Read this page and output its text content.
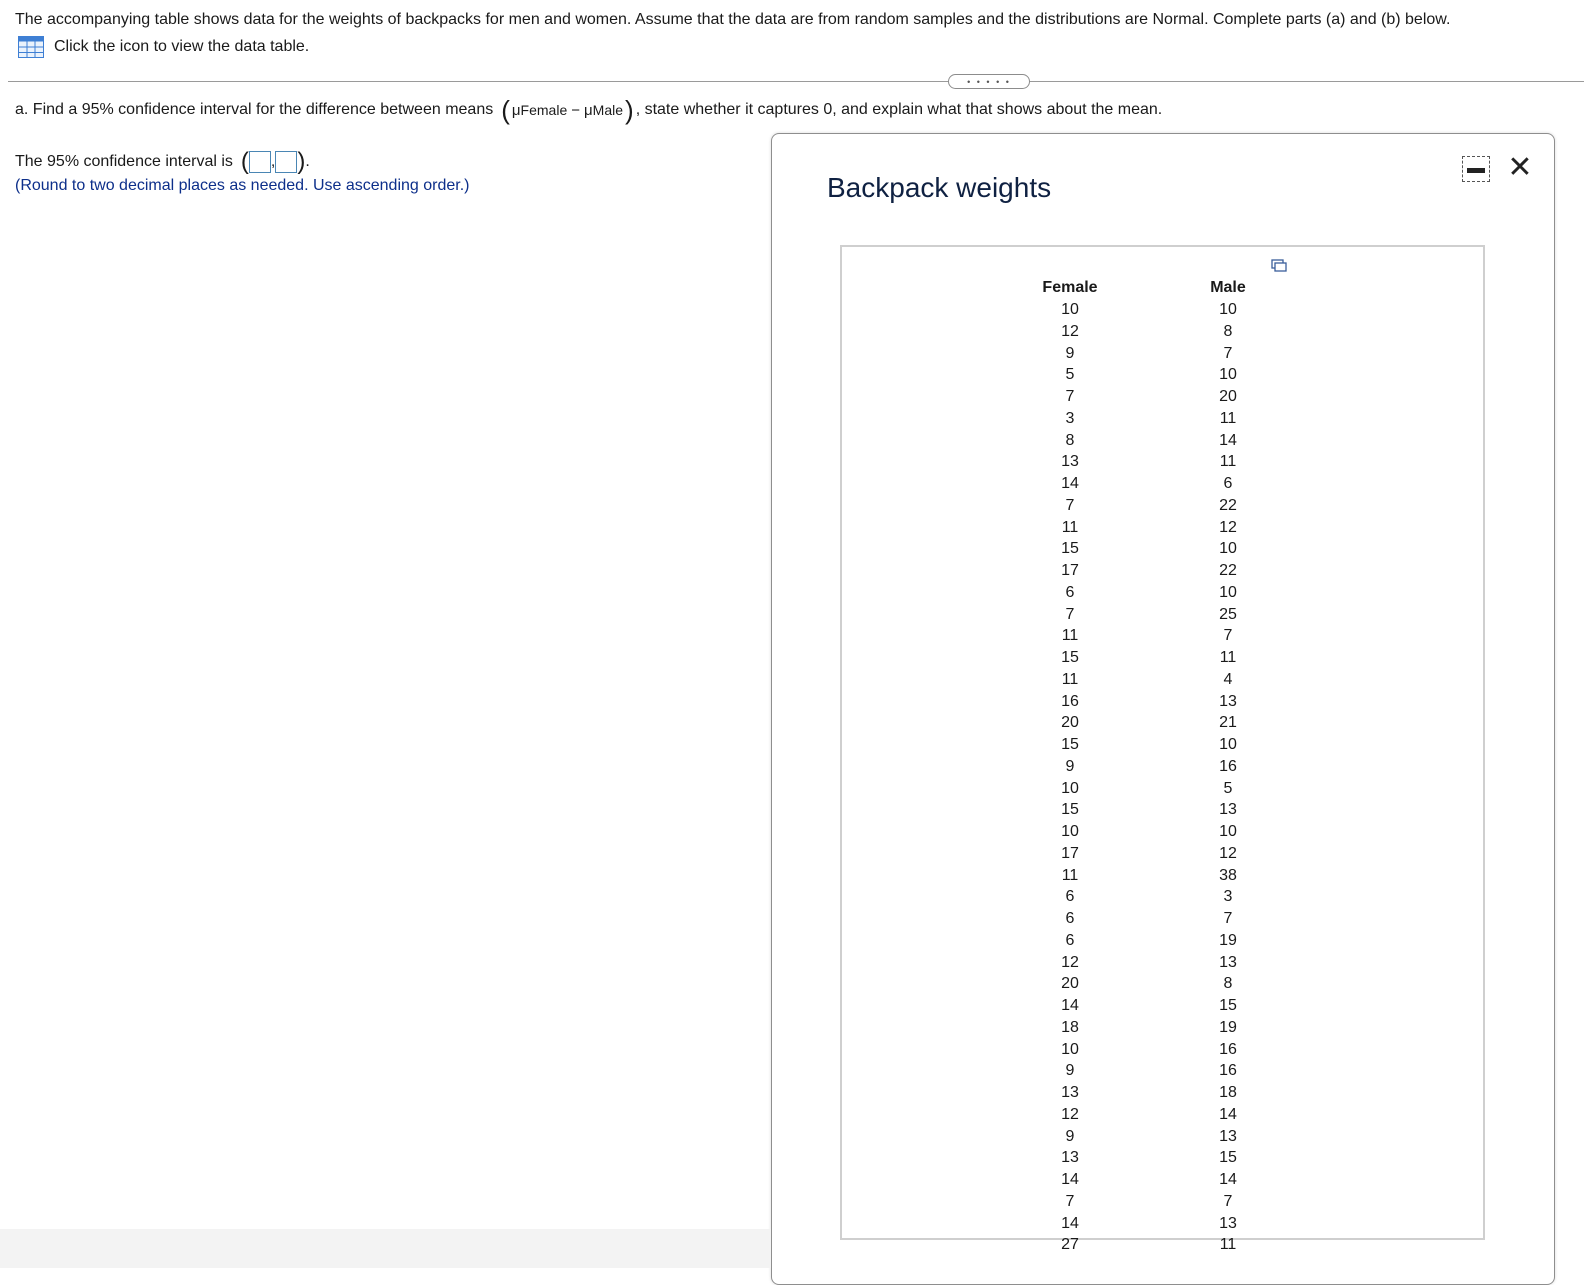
The accompanying table shows data for the weights of backpacks for men and women. Assume that the data are from random samples and the distributions are Normal. Complete parts (a) and (b) below.
Click the icon to view the data table.
• • • • •
a. Find a 95% confidence interval for the difference between means ( μ Female − μ Male ) , state whether it captures 0, and explain what that shows about the mean.
The 95% confidence interval is ( , ) .
(Round to two decimal places as needed. Use ascending order.)	Backpack weights
✕
Female
10
12
9
5
7
3
8
13
14
7
11
15
17
6
7
11
15
11
16
20
15
9
10
15
10
17
11
6
6
6
12
20
14
18
10
9
13
12
9
13
14
7
14
27
Male
10
8
7
10
20
11
14
11
6
22
12
10
22
10
25
7
11
4
13
21
10
16
5
13
10
12
38
3
7
19
13
8
15
19
16
16
18
14
13
15
14
7
13
11
